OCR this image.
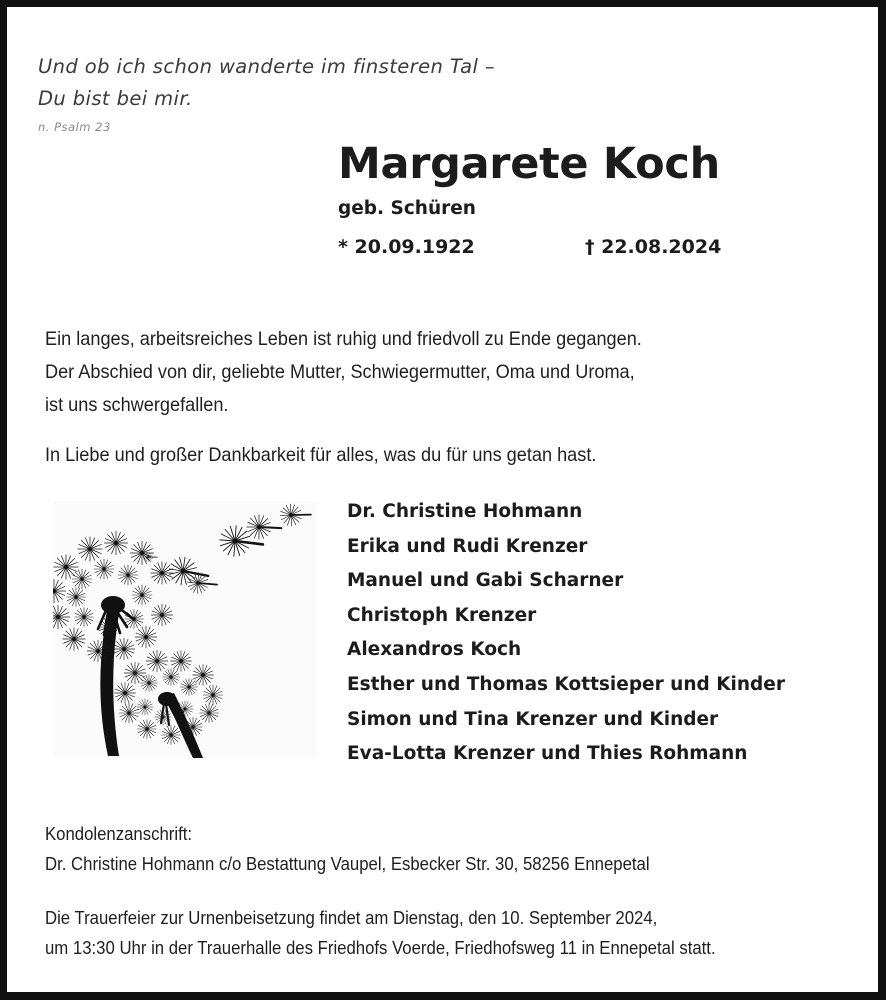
Und ob ich schon wanderte im finsteren Tal –
Du bist bei mir.
n. Psalm 23
Margarete Koch
geb. Schüren
* 20.09.1922	† 22.08.2024
Ein langes, arbeitsreiches Leben ist ruhig und friedvoll zu Ende gegangen.
Der Abschied von dir, geliebte Mutter, Schwiegermutter, Oma und Uroma,
ist uns schwergefallen.
In Liebe und großer Dankbarkeit für alles, was du für uns getan hast.
Dr. Christine Hohmann
Erika und Rudi Krenzer
Manuel und Gabi Scharner
Christoph Krenzer
Alexandros Koch
Esther und Thomas Kottsieper und Kinder
Simon und Tina Krenzer und Kinder
Eva-Lotta Krenzer und Thies Rohmann
Kondolenzanschrift:
Dr. Christine Hohmann c/o Bestattung Vaupel, Esbecker Str. 30, 58256 Ennepetal
Die Trauerfeier zur Urnenbeisetzung findet am Dienstag, den 10. September 2024,
um 13:30 Uhr in der Trauerhalle des Friedhofs Voerde, Friedhofsweg 11 in Ennepetal statt.
